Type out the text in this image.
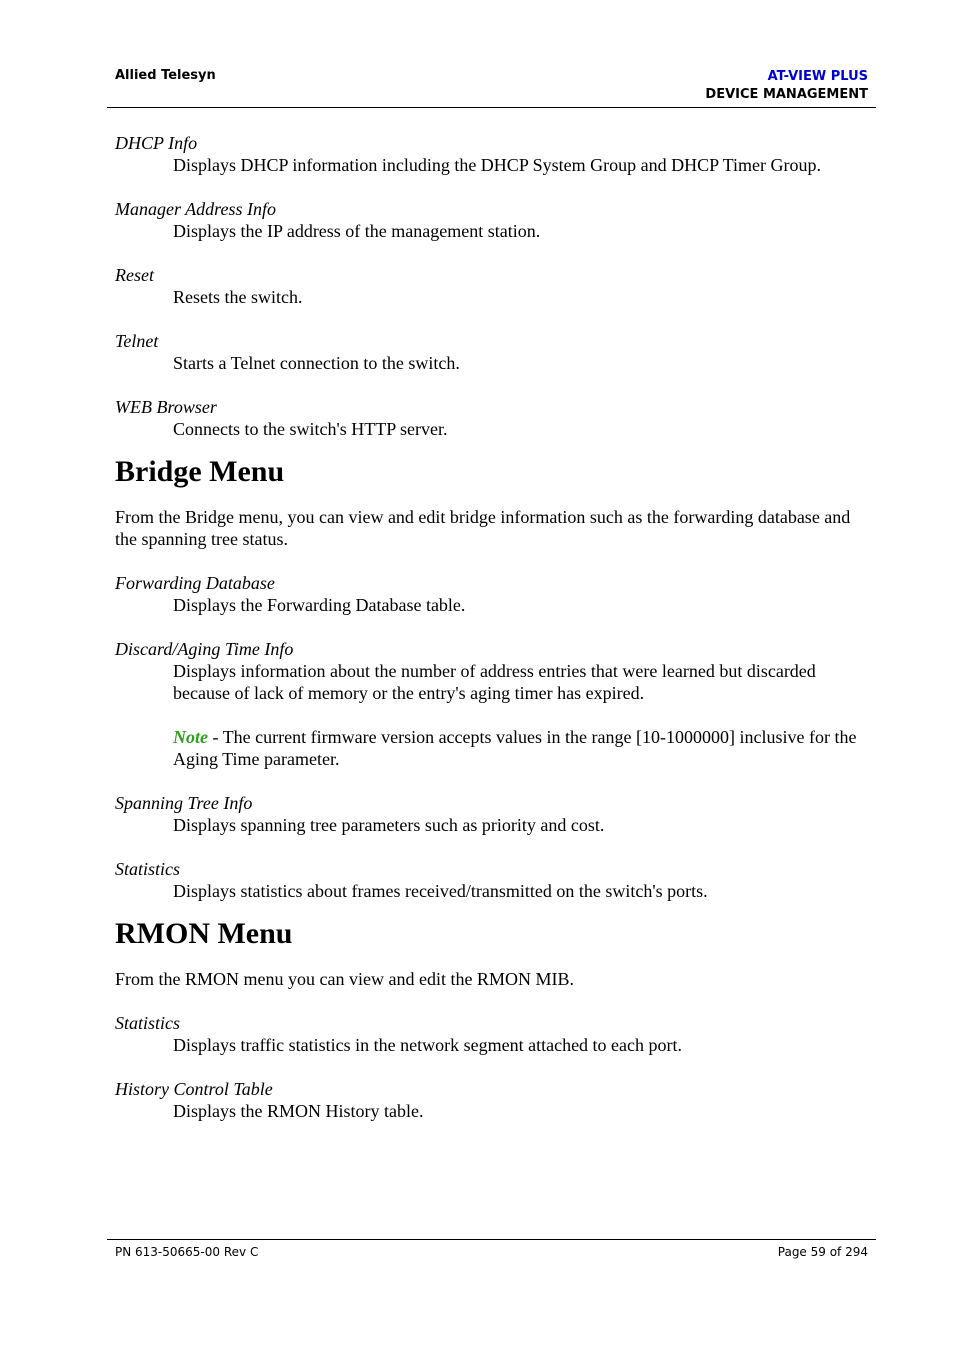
Allied Telesyn	AT-VIEW PLUS
DEVICE MANAGEMENT

DHCP Info

Displays DHCP information including the DHCP System Group and DHCP Timer Group.

Manager Address Info

Displays the IP address of the management station.

Reset

Resets the switch.

Telnet

Starts a Telnet connection to the switch.

WEB Browser

Connects to the switch's HTTP server.

Bridge Menu

From the Bridge menu, you can view and edit bridge information such as the forwarding database and the spanning tree status.

Forwarding Database

Displays the Forwarding Database table.

Discard/Aging Time Info

Displays information about the number of address entries that were learned but discarded because of lack of memory or the entry's aging timer has expired.

Note - The current firmware version accepts values in the range [10-1000000] inclusive for the Aging Time parameter.

Spanning Tree Info

Displays spanning tree parameters such as priority and cost.

Statistics

Displays statistics about frames received/transmitted on the switch's ports.

RMON Menu

From the RMON menu you can view and edit the RMON MIB.

Statistics

Displays traffic statistics in the network segment attached to each port.

History Control Table

Displays the RMON History table.

PN 613-50665-00 Rev C	Page 59 of 294
